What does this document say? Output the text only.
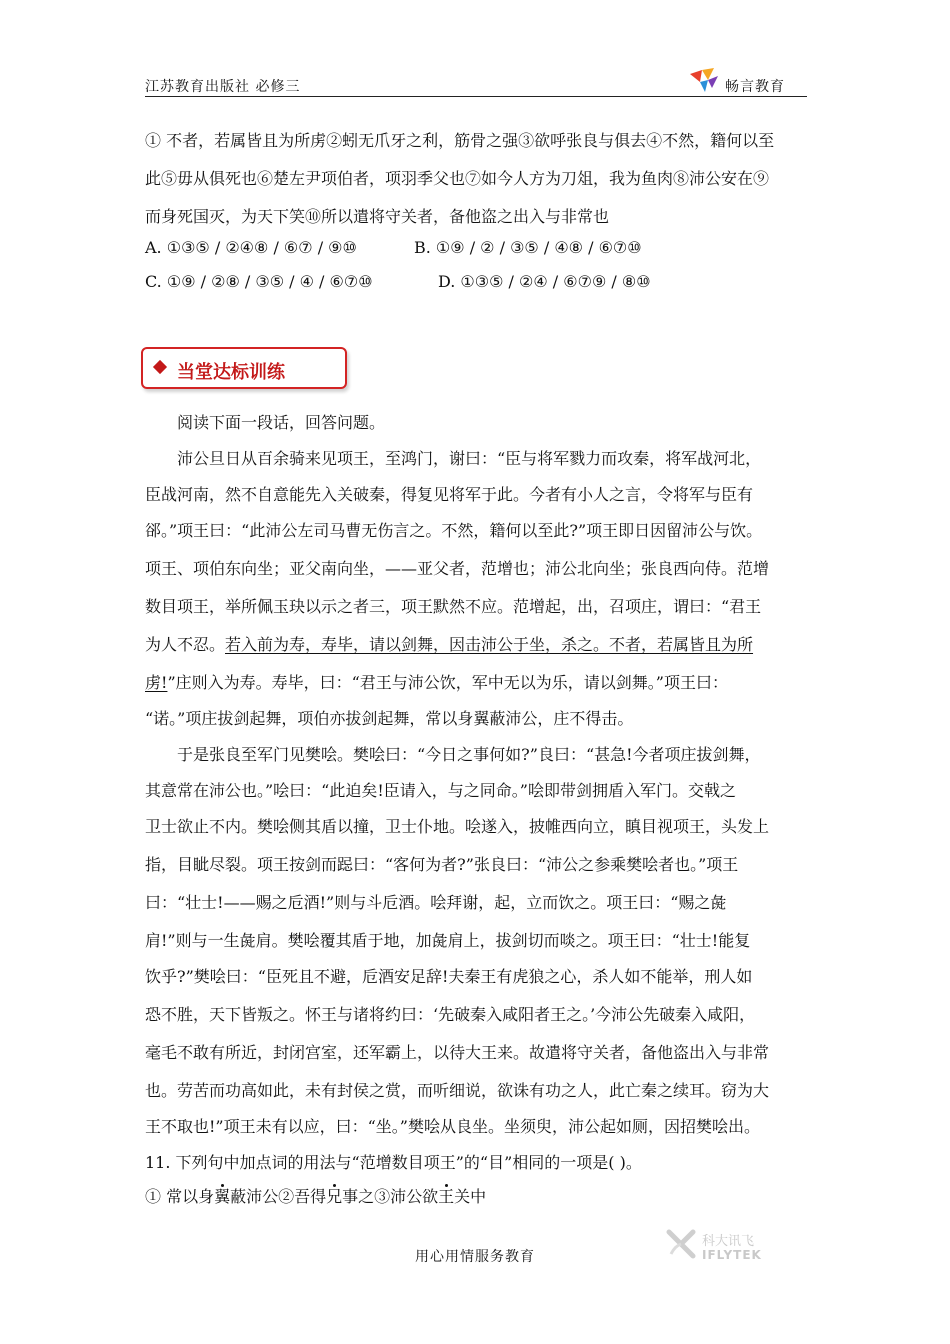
江苏教育出版社 必修三	畅言教育
① 不者，若属皆且为所虏②蚓无爪牙之利，筋骨之强③欲呼张良与俱去④不然，籍何以至
此⑤毋从俱死也⑥楚左尹项伯者，项羽季父也⑦如今人方为刀俎，我为鱼肉⑧沛公安在⑨
而身死国灭，为天下笑⑩所以遣将守关者，备他盗之出入与非常也
A. ①③⑤ / ②④⑧ / ⑥⑦ / ⑨⑩	B. ①⑨ / ② / ③⑤ / ④⑧ / ⑥⑦⑩
C. ①⑨ / ②⑧ / ③⑤ / ④ / ⑥⑦⑩	D. ①③⑤ / ②④ / ⑥⑦⑨ / ⑧⑩
当堂达标训练
阅读下面一段话，回答问题。
沛公旦日从百余骑来见项王，至鸿门，谢曰：“臣与将军戮力而攻秦，将军战河北，
臣战河南，然不自意能先入关破秦，得复见将军于此。今者有小人之言，令将军与臣有
郤。”项王曰：“此沛公左司马曹无伤言之。不然，籍何以至此?”项王即日因留沛公与饮。
项王、项伯东向坐；亚父南向坐，——亚父者，范增也；沛公北向坐；张良西向侍。范增
数目项王，举所佩玉玦以示之者三，项王默然不应。范增起，出，召项庄，谓曰：“君王
为人不忍。若入前为寿，寿毕，请以剑舞，因击沛公于坐，杀之。不者，若属皆且为所
虏!”庄则入为寿。寿毕，曰：“君王与沛公饮，军中无以为乐，请以剑舞。”项王曰：
“诺。”项庄拔剑起舞，项伯亦拔剑起舞，常以身翼蔽沛公，庄不得击。
于是张良至军门见樊哙。樊哙曰：“今日之事何如?”良曰：“甚急!今者项庄拔剑舞，
其意常在沛公也。”哙曰：“此迫矣!臣请入，与之同命。”哙即带剑拥盾入军门。交戟之
卫士欲止不内。樊哙侧其盾以撞，卫士仆地。哙遂入，披帷西向立，瞋目视项王，头发上
指，目眦尽裂。项王按剑而跽曰：“客何为者?”张良曰：“沛公之参乘樊哙者也。”项王
曰：“壮士!——赐之卮酒!”则与斗卮酒。哙拜谢，起，立而饮之。项王曰：“赐之彘
肩!”则与一生彘肩。樊哙覆其盾于地，加彘肩上，拔剑切而啖之。项王曰：“壮士!能复
饮乎?”樊哙曰：“臣死且不避，卮酒安足辞!夫秦王有虎狼之心，杀人如不能举，刑人如
恐不胜，天下皆叛之。怀王与诸将约曰：‘先破秦入咸阳者王之。’今沛公先破秦入咸阳，
毫毛不敢有所近，封闭宫室，还军霸上，以待大王来。故遣将守关者，备他盗出入与非常
也。劳苦而功高如此，未有封侯之赏，而听细说，欲诛有功之人，此亡秦之续耳。窃为大
王不取也!”项王未有以应，曰：“坐。”樊哙从良坐。坐须臾，沛公起如厕，因招樊哙出。
11. 下列句中加点词的用法与“范增数目项王”的“目”相同的一项是( )。
① 常以身翼蔽沛公②吾得兄事之③沛公欲王关中
用心用情服务教育
科大讯飞
IFLYTEK
